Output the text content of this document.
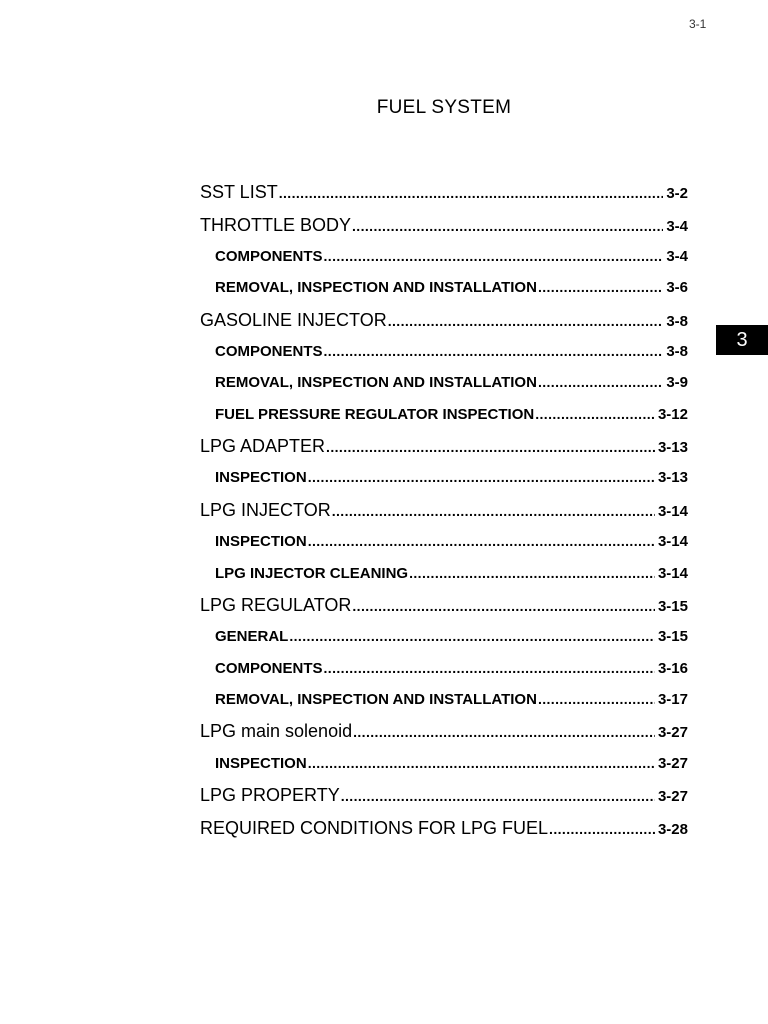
3-1
FUEL SYSTEM
3
SST LIST .....	3-2
THROTTLE BODY .....	3-4
COMPONENTS .....	3-4
REMOVAL, INSPECTION AND INSTALLATION .....	3-6
GASOLINE INJECTOR .....	3-8
COMPONENTS .....	3-8
REMOVAL, INSPECTION AND INSTALLATION .....	3-9
FUEL PRESSURE REGULATOR INSPECTION .....	3-12
LPG ADAPTER .....	3-13
INSPECTION .....	3-13
LPG INJECTOR .....	3-14
INSPECTION .....	3-14
LPG INJECTOR CLEANING .....	3-14
LPG REGULATOR .....	3-15
GENERAL .....	3-15
COMPONENTS .....	3-16
REMOVAL, INSPECTION AND INSTALLATION .....	3-17
LPG main solenoid .....	3-27
INSPECTION .....	3-27
LPG PROPERTY .....	3-27
REQUIRED CONDITIONS FOR LPG FUEL .....	3-28
